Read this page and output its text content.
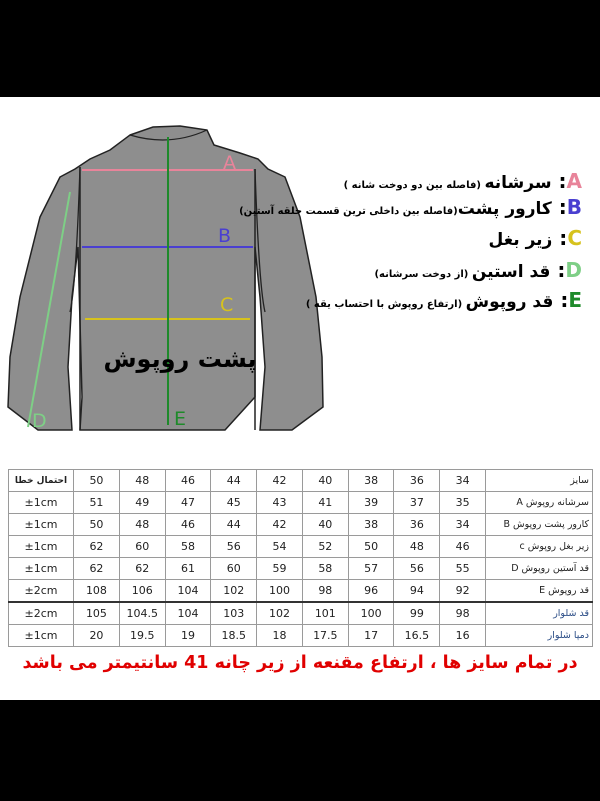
A
B
C
D	E
پشت روپوش
A: سرشانه (فاصله بین دو دوخت شانه )
B: کارور پشت(فاصله بین داخلی ترین قسمت حلقه آستین)
C: زیر بغل
D: قد استین (از دوخت سرشانه)
E: قد روپوش (ارتفاع روپوش با احتساب یقه )
سایز	34	36	38	40	42	44	46	48	50	احتمال خطا
سرشانه روپوش A	35	37	39	41	43	45	47	49	51	±1cm
کارور پشت روپوش B	34	36	38	40	42	44	46	48	50	±1cm
زیر بغل روپوش c	46	48	50	52	54	56	58	60	62	±1cm
قد آستین روپوش D	55	56	57	58	59	60	61	62	62	±1cm
قد روپوش E	92	94	96	98	100	102	104	106	108	±2cm
قد شلوار	98	99	100	101	102	103	104	104.5	105	±2cm
دمپا شلوار	16	16.5	17	17.5	18	18.5	19	19.5	20	±1cm
در تمام سایز ها ، ارتفاع مقنعه از زیر چانه 41 سانتیمتر می باشد
